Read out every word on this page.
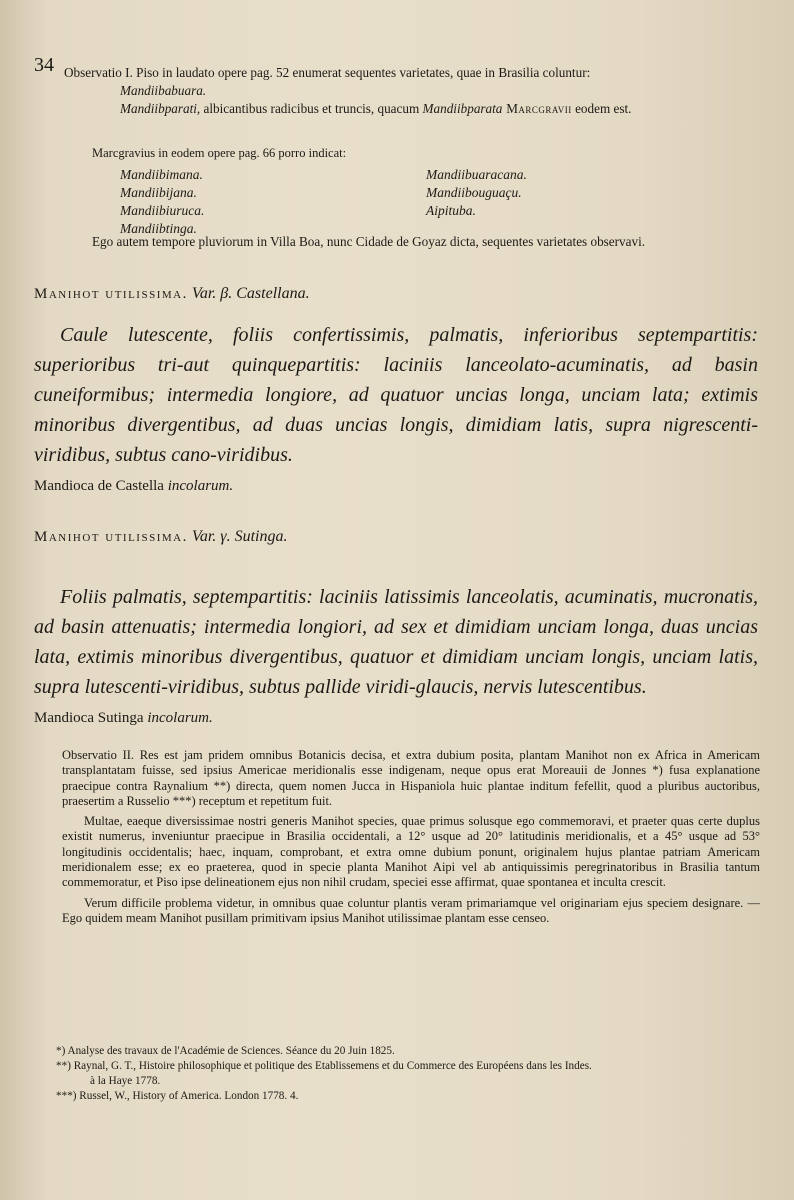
34 Observatio I. Piso in laudato opere pag. 52 enumerat sequentes varietates, quae in Brasilia coluntur:
Mandiibabuara.
Mandiibparati, albicantibus radicibus et truncis, quacum Mandiibparata Marcgravii eodem est.
Marcgravius in eodem opere pag. 66 porro indicat:
Mandiibimana.
Mandiibijana.
Mandiibiuruca.
Mandiibtinga.
Mandiibuaracana.
Mandiibouguaçu.
Aipituba.
Ego autem tempore pluviorum in Villa Boa, nunc Cidade de Goyaz dicta, sequentes varietates observavi.
Manihot utilissima. Var. β. Castellana.
Caule lutescente, foliis confertissimis, palmatis, inferioribus septempartitis: superioribus tri-aut quinquepartitis: laciniis lanceolato-acuminatis, ad basin cuneiformibus; intermedia longiore, ad quatuor uncias longa, unciam lata; extimis minoribus divergentibus, ad duas uncias longis, dimidiam latis, supra nigrescenti-viridibus, subtus cano-viridibus.
Mandioca de Castella incolarum.
Manihot utilissima. Var. γ. Sutinga.
Foliis palmatis, septempartitis: laciniis latissimis lanceolatis, acuminatis, mucronatis, ad basin attenuatis; intermedia longiori, ad sex et dimidiam unciam longa, duas uncias lata, extimis minoribus divergentibus, quatuor et dimidiam unciam longis, unciam latis, supra lutescenti-viridibus, subtus pallide viridi-glaucis, nervis lutescentibus.
Mandioca Sutinga incolarum.

Observatio II. Res est jam pridem omnibus Botanicis decisa, et extra dubium posita, plantam Manihot non ex Africa in Americam transplantatam fuisse, sed ipsius Americae meridionalis esse indigenam, neque opus erat Moreauii de Jonnes *) fusa explanatione praecipue contra Raynalium **) directa, quem nomen Jucca in Hispaniola huic plantae inditum fefellit, quod a pluribus auctoribus, praesertim a Russelio ***) receptum et repetitum fuit.

Multae, eaeque diversissimae nostri generis Manihot species, quae primus solusque ego commemoravi, et praeter quas certe duplus existit numerus, inveniuntur praecipue in Brasilia occidentali, a 12° usque ad 20° latitudinis meridionalis, et a 45° usque ad 53° longitudinis occidentalis; haec, inquam, comprobant, et extra omne dubium ponunt, originalem hujus plantae patriam Americam meridionalem esse; ex eo praeterea, quod in specie planta Manihot Aipi vel ab antiquissimis peregrinatoribus in Brasilia tantum commemoratur, et Piso ipse delineationem ejus non nihil crudam, speciei esse affirmat, quae spontanea et inculta crescit.

Verum difficile problema videtur, in omnibus quae coluntur plantis veram primariamque vel originariam ejus speciem designare. — Ego quidem meam Manihot pusillam primitivam ipsius Manihot utilissimae plantam esse censeo.

*) Analyse des travaux de l'Académie de Sciences. Séance du 20 Juin 1825.
**) Raynal, G. T., Histoire philosophique et politique des Etablissemens et du Commerce des Européens dans les Indes.
à la Haye 1778.
***) Russel, W., History of America. London 1778. 4.
